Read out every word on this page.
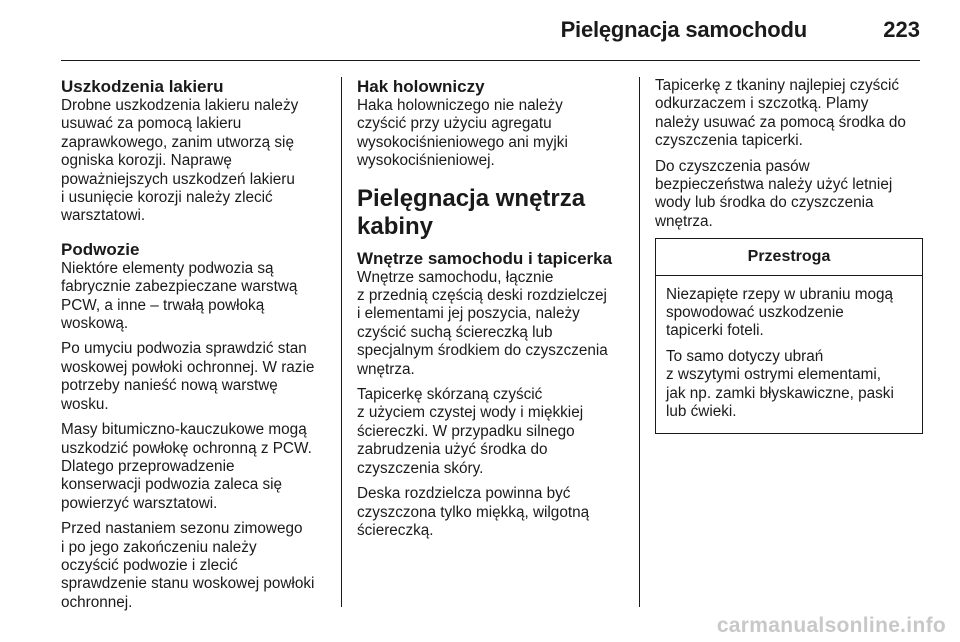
Pielęgnacja samochodu	223
Uszkodzenia lakieru

Drobne uszkodzenia lakieru należy
usuwać za pomocą lakieru
zaprawkowego, zanim utworzą się
ogniska korozji. Naprawę
poważniejszych uszkodzeń lakieru
i usunięcie korozji należy zlecić
warsztatowi.

Podwozie

Niektóre elementy podwozia są
fabrycznie zabezpieczane warstwą
PCW, a inne – trwałą powłoką
woskową.

Po umyciu podwozia sprawdzić stan
woskowej powłoki ochronnej. W razie
potrzeby nanieść nową warstwę
wosku.

Masy bitumiczno-kauczukowe mogą
uszkodzić powłokę ochronną z PCW.
Dlatego przeprowadzenie
konserwacji podwozia zaleca się
powierzyć warsztatowi.

Przed nastaniem sezonu zimowego
i po jego zakończeniu należy
oczyścić podwozie i zlecić
sprawdzenie stanu woskowej powłoki
ochronnej.

Hak holowniczy

Haka holowniczego nie należy
czyścić przy użyciu agregatu
wysokociśnieniowego ani myjki
wysokociśnieniowej.

Pielęgnacja wnętrza
kabiny
Wnętrze samochodu i tapicerka

Wnętrze samochodu, łącznie
z przednią częścią deski rozdzielczej
i elementami jej poszycia, należy
czyścić suchą ściereczką lub
specjalnym środkiem do czyszczenia
wnętrza.

Tapicerkę skórzaną czyścić
z użyciem czystej wody i miękkiej
ściereczki. W przypadku silnego
zabrudzenia użyć środka do
czyszczenia skóry.

Deska rozdzielcza powinna być
czyszczona tylko miękką, wilgotną
ściereczką.

Tapicerkę z tkaniny najlepiej czyścić
odkurzaczem i szczotką. Plamy
należy usuwać za pomocą środka do
czyszczenia tapicerki.

Do czyszczenia pasów
bezpieczeństwa należy użyć letniej
wody lub środka do czyszczenia
wnętrza.

Przestroga

Niezapięte rzepy w ubraniu mogą
spowodować uszkodzenie
tapicerki foteli.

To samo dotyczy ubrań
z wszytymi ostrymi elementami,
jak np. zamki błyskawiczne, paski
lub ćwieki.

carmanualsonline.info
